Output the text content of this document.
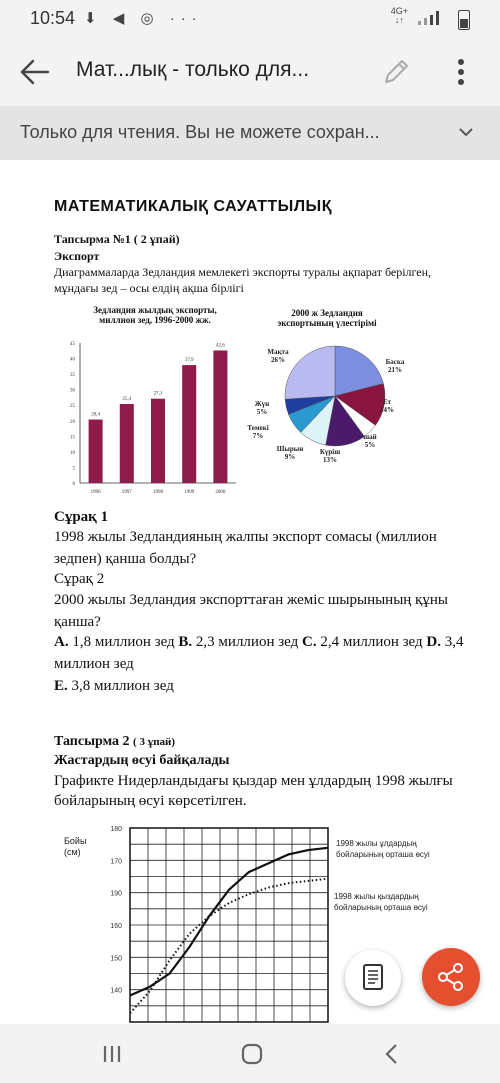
10:54 ⬇ ◀ ◎ ···	4G+
↓↑
Мат...лық - только для...
Только для чтения. Вы не можете сохран...
МАТЕМАТИКАЛЫҚ САУАТТЫЛЫҚ
Тапсырма №1 ( 2 ұпай)
Экспорт
Диаграммаларда Зедландия мемлекеті экспорты туралы ақпарат берілген, мұндағы зед – осы елдің ақша бірлігі
Зедландия жылдық экспорты, миллион зед, 1996-2000 жж.
2000 ж Зедландия экспортының үлестірімі
0
5
10
15
20
25
30
35
40
45
20,4
1996
25,4
1997
27,1
1998
37,9
1999
42,6
2000
Баска
21%
Ет
14%
шай
5%
Күріш
13%
Шырын
9%
Темекі
7%
Жүн
5%
Мақта
26%
Сұрақ 1
1998 жылы Зедландияның жалпы экспорт сомасы (миллион зедпен) қанша болды?
Сұрақ 2
2000 жылы Зедландия экспорттаған жеміс шырынының құны қанша?
А. 1,8 миллион зед В. 2,3 миллион зед С. 2,4 миллион зед D. 3,4 миллион зед
Е. 3,8 миллион зед
Тапсырма 2 ( 3 ұпай)
Жастардың өсуі байқалады
Графикте Нидерландыдағы қыздар мен ұлдардың 1998 жылғы бойларының өсуі көрсетілген.
Бойы
(см)
180
170
190
160
150
140
1998 жылы ұлдардың бойларының орташа өсуі
1998 жылы қыздардың бойларының орташа өсуі
